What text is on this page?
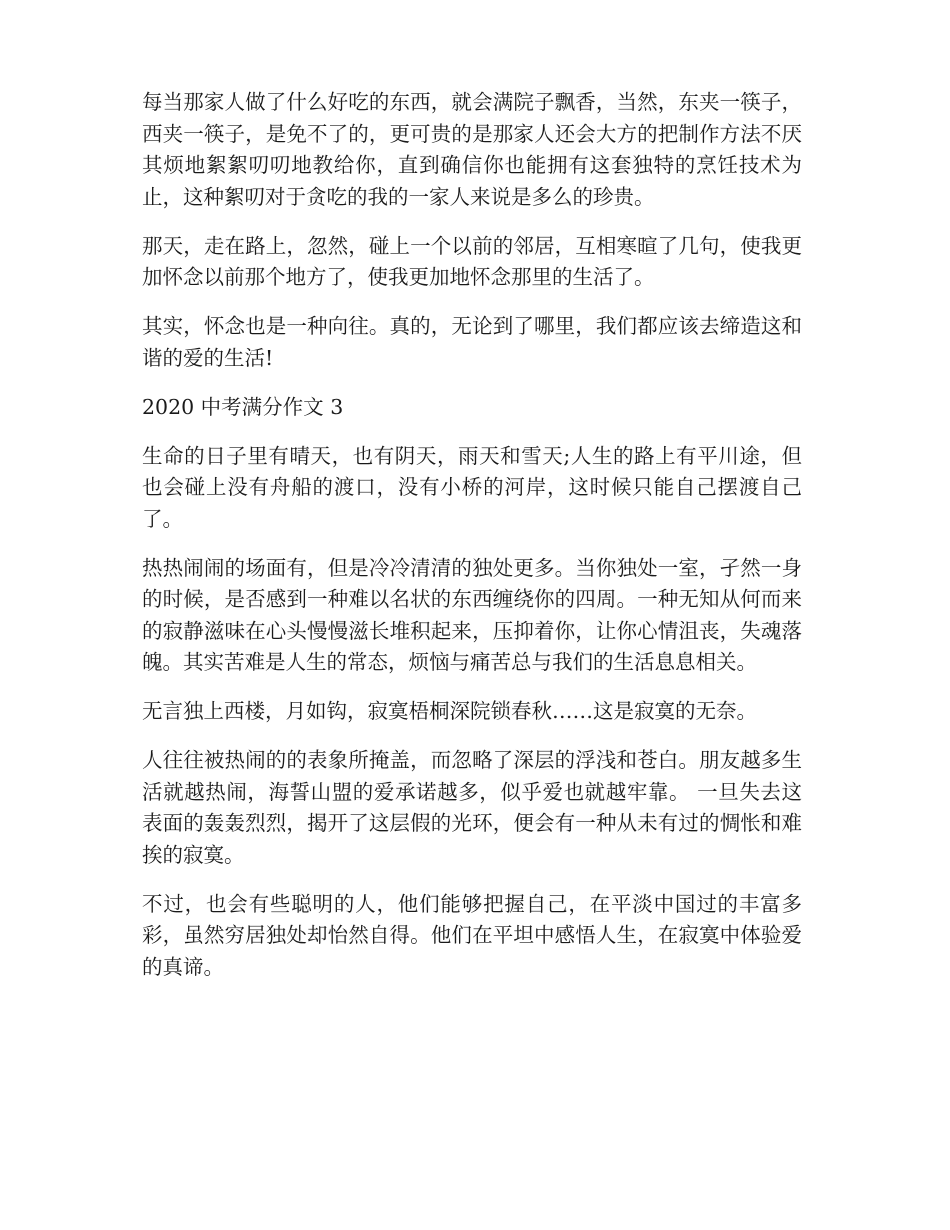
每当那家人做了什么好吃的东西，就会满院子飘香，当然，东夹一筷子，西夹一筷子，是免不了的，更可贵的是那家人还会大方的把制作方法不厌其烦地絮絮叨叨地教给你，直到确信你也能拥有这套独特的烹饪技术为止，这种絮叨对于贪吃的我的一家人来说是多么的珍贵。

那天，走在路上，忽然，碰上一个以前的邻居，互相寒暄了几句，使我更加怀念以前那个地方了，使我更加地怀念那里的生活了。

其实，怀念也是一种向往。真的，无论到了哪里，我们都应该去缔造这和谐的爱的生活!

2020 中考满分作文 3

生命的日子里有晴天，也有阴天，雨天和雪天;人生的路上有平川途，但也会碰上没有舟船的渡口，没有小桥的河岸，这时候只能自己摆渡自己了。

热热闹闹的场面有，但是冷冷清清的独处更多。当你独处一室，孑然一身的时候，是否感到一种难以名状的东西缠绕你的四周。一种无知从何而来的寂静滋味在心头慢慢滋长堆积起来，压抑着你，让你心情沮丧，失魂落魄。其实苦难是人生的常态，烦恼与痛苦总与我们的生活息息相关。

无言独上西楼，月如钩，寂寞梧桐深院锁春秋……这是寂寞的无奈。

人往往被热闹的的表象所掩盖，而忽略了深层的浮浅和苍白。朋友越多生活就越热闹，海誓山盟的爱承诺越多，似乎爱也就越牢靠。 一旦失去这表面的轰轰烈烈，揭开了这层假的光环，便会有一种从未有过的惆怅和难挨的寂寞。

不过，也会有些聪明的人，他们能够把握自己，在平淡中国过的丰富多彩，虽然穷居独处却怡然自得。他们在平坦中感悟人生，在寂寞中体验爱的真谛。
